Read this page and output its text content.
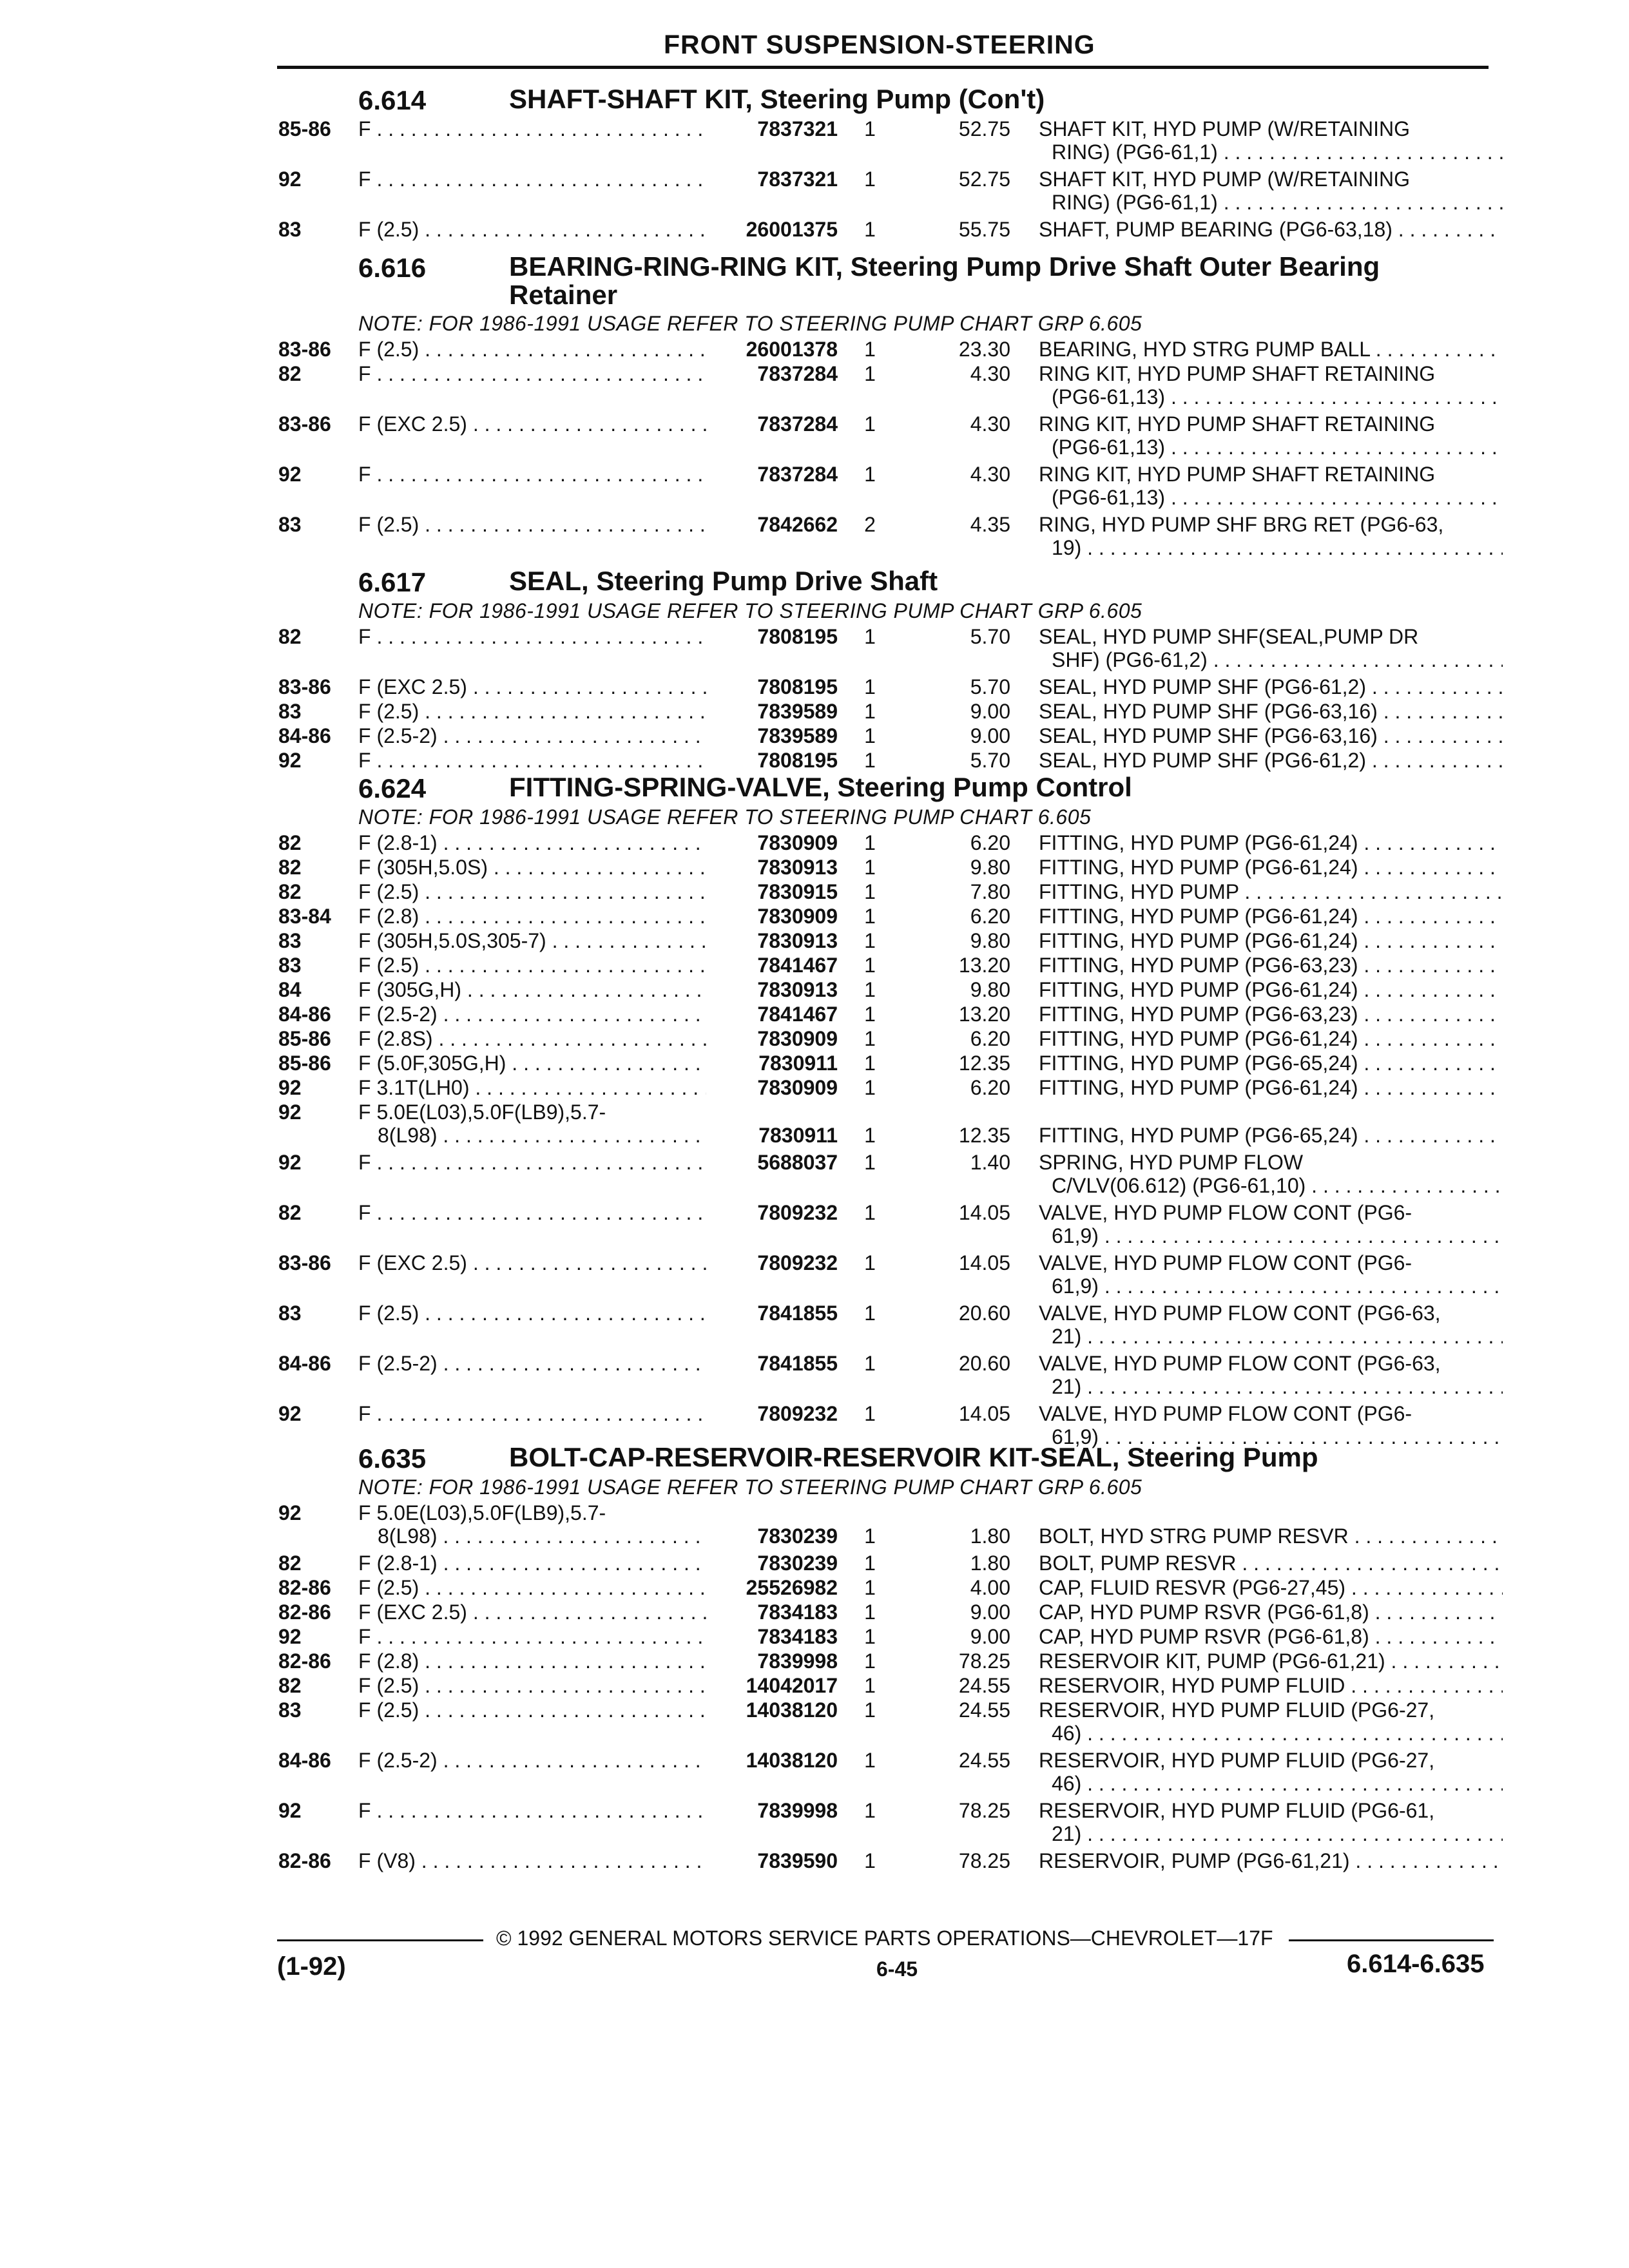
FRONT SUSPENSION-STEERING
6.614	SHAFT-SHAFT KIT, Steering Pump (Con't)
85-86 F . . .	7837321	1	52.75 SHAFT KIT, HYD PUMP (W/RETAINING
RING) (PG6-61,1) . . .
92	F . . .	7837321	1	52.75 SHAFT KIT, HYD PUMP (W/RETAINING
RING) (PG6-61,1) . . .
83	F (2.5) . . .	26001375	1	55.75 SHAFT, PUMP BEARING (PG6-63,18) . . .
6.616	BEARING-RING-RING KIT, Steering Pump Drive Shaft Outer Bearing Retainer
NOTE: FOR 1986-1991 USAGE REFER TO STEERING PUMP CHART GRP 6.605
83-86 F (2.5) . . .	26001378	1	23.30 BEARING, HYD STRG PUMP BALL . . .
82	F . . .	7837284	1	4.30 RING KIT, HYD PUMP SHAFT RETAINING
(PG6-61,13) . . .
83-86 F (EXC 2.5) . . .	7837284	1	4.30 RING KIT, HYD PUMP SHAFT RETAINING
(PG6-61,13) . . .
92	F . . .	7837284	1	4.30 RING KIT, HYD PUMP SHAFT RETAINING
(PG6-61,13) . . .
83	F (2.5) . . .	7842662	2	4.35 RING, HYD PUMP SHF BRG RET (PG6-63,
19) . . .
6.617	SEAL, Steering Pump Drive Shaft
NOTE: FOR 1986-1991 USAGE REFER TO STEERING PUMP CHART GRP 6.605
82	F . . .	7808195	1	5.70 SEAL, HYD PUMP SHF(SEAL,PUMP DR
SHF) (PG6-61,2) . . .
83-86 F (EXC 2.5) . . .	7808195	1	5.70 SEAL, HYD PUMP SHF (PG6-61,2) . . .
83	F (2.5) . . .	7839589	1	9.00 SEAL, HYD PUMP SHF (PG6-63,16) . . .
84-86 F (2.5-2) . . .	7839589	1	9.00 SEAL, HYD PUMP SHF (PG6-63,16) . . .
92	F . . .	7808195	1	5.70 SEAL, HYD PUMP SHF (PG6-61,2) . . .
6.624	FITTING-SPRING-VALVE, Steering Pump Control
NOTE: FOR 1986-1991 USAGE REFER TO STEERING PUMP CHART 6.605
82	F (2.8-1) . . .	7830909	1	6.20 FITTING, HYD PUMP (PG6-61,24) . . .
82	F (305H,5.0S) . . .	7830913	1	9.80 FITTING, HYD PUMP (PG6-61,24) . . .
82	F (2.5) . . .	7830915	1	7.80 FITTING, HYD PUMP . . .
83-84 F (2.8) . . .	7830909	1	6.20 FITTING, HYD PUMP (PG6-61,24) . . .
83	F (305H,5.0S,305-7) . . .	7830913	1	9.80 FITTING, HYD PUMP (PG6-61,24) . . .
83	F (2.5) . . .	7841467	1	13.20 FITTING, HYD PUMP (PG6-63,23) . . .
84	F (305G,H) . . .	7830913	1	9.80 FITTING, HYD PUMP (PG6-61,24) . . .
84-86 F (2.5-2) . . .	7841467	1	13.20 FITTING, HYD PUMP (PG6-63,23) . . .
85-86 F (2.8S) . . .	7830909	1	6.20 FITTING, HYD PUMP (PG6-61,24) . . .
85-86 F (5.0F,305G,H) . . .	7830911	1	12.35 FITTING, HYD PUMP (PG6-65,24) . . .
92	F 3.1T(LH0) . . .	7830909	1	6.20 FITTING, HYD PUMP (PG6-61,24) . . .
92	F 5.0E(L03),5.0F(LB9),5.7-
8(L98) . . .	7830911	1	12.35 FITTING, HYD PUMP (PG6-65,24) . . .
92	F . . .	5688037	1	1.40 SPRING, HYD PUMP FLOW
C/VLV(06.612) (PG6-61,10) . . .
82	F . . .	7809232	1	14.05 VALVE, HYD PUMP FLOW CONT (PG6-
61,9) . . .
83-86 F (EXC 2.5) . . .	7809232	1	14.05 VALVE, HYD PUMP FLOW CONT (PG6-
61,9) . . .
83	F (2.5) . . .	7841855	1	20.60 VALVE, HYD PUMP FLOW CONT (PG6-63,
21) . . .
84-86 F (2.5-2) . . .	7841855	1	20.60 VALVE, HYD PUMP FLOW CONT (PG6-63,
21) . . .
92	F . . .	7809232	1	14.05 VALVE, HYD PUMP FLOW CONT (PG6-
61,9) . . .
6.635	BOLT-CAP-RESERVOIR-RESERVOIR KIT-SEAL, Steering Pump
NOTE: FOR 1986-1991 USAGE REFER TO STEERING PUMP CHART GRP 6.605
92	F 5.0E(L03),5.0F(LB9),5.7-
8(L98) . . .	7830239	1	1.80 BOLT, HYD STRG PUMP RESVR . . .
82	F (2.8-1) . . .	7830239	1	1.80 BOLT, PUMP RESVR . . .
82-86 F (2.5) . . .	25526982	1	4.00 CAP, FLUID RESVR (PG6-27,45) . . .
82-86 F (EXC 2.5) . . .	7834183	1	9.00 CAP, HYD PUMP RSVR (PG6-61,8) . . .
92	F . . .	7834183	1	9.00 CAP, HYD PUMP RSVR (PG6-61,8) . . .
82-86 F (2.8) . . .	7839998	1	78.25 RESERVOIR KIT, PUMP (PG6-61,21) . . .
82	F (2.5) . . .	14042017	1	24.55 RESERVOIR, HYD PUMP FLUID . . .
83	F (2.5) . . .	14038120	1	24.55 RESERVOIR, HYD PUMP FLUID (PG6-27,
46) . . .
84-86 F (2.5-2) . . .	14038120	1	24.55 RESERVOIR, HYD PUMP FLUID (PG6-27,
46) . . .
92	F . . .	7839998	1	78.25 RESERVOIR, HYD PUMP FLUID (PG6-61,
21) . . .
82-86 F (V8) . . .	7839590	1	78.25 RESERVOIR, PUMP (PG6-61,21) . . .
© 1992 GENERAL MOTORS SERVICE PARTS OPERATIONS—CHEVROLET—17F
(1-92)	6-45	6.614-6.635
